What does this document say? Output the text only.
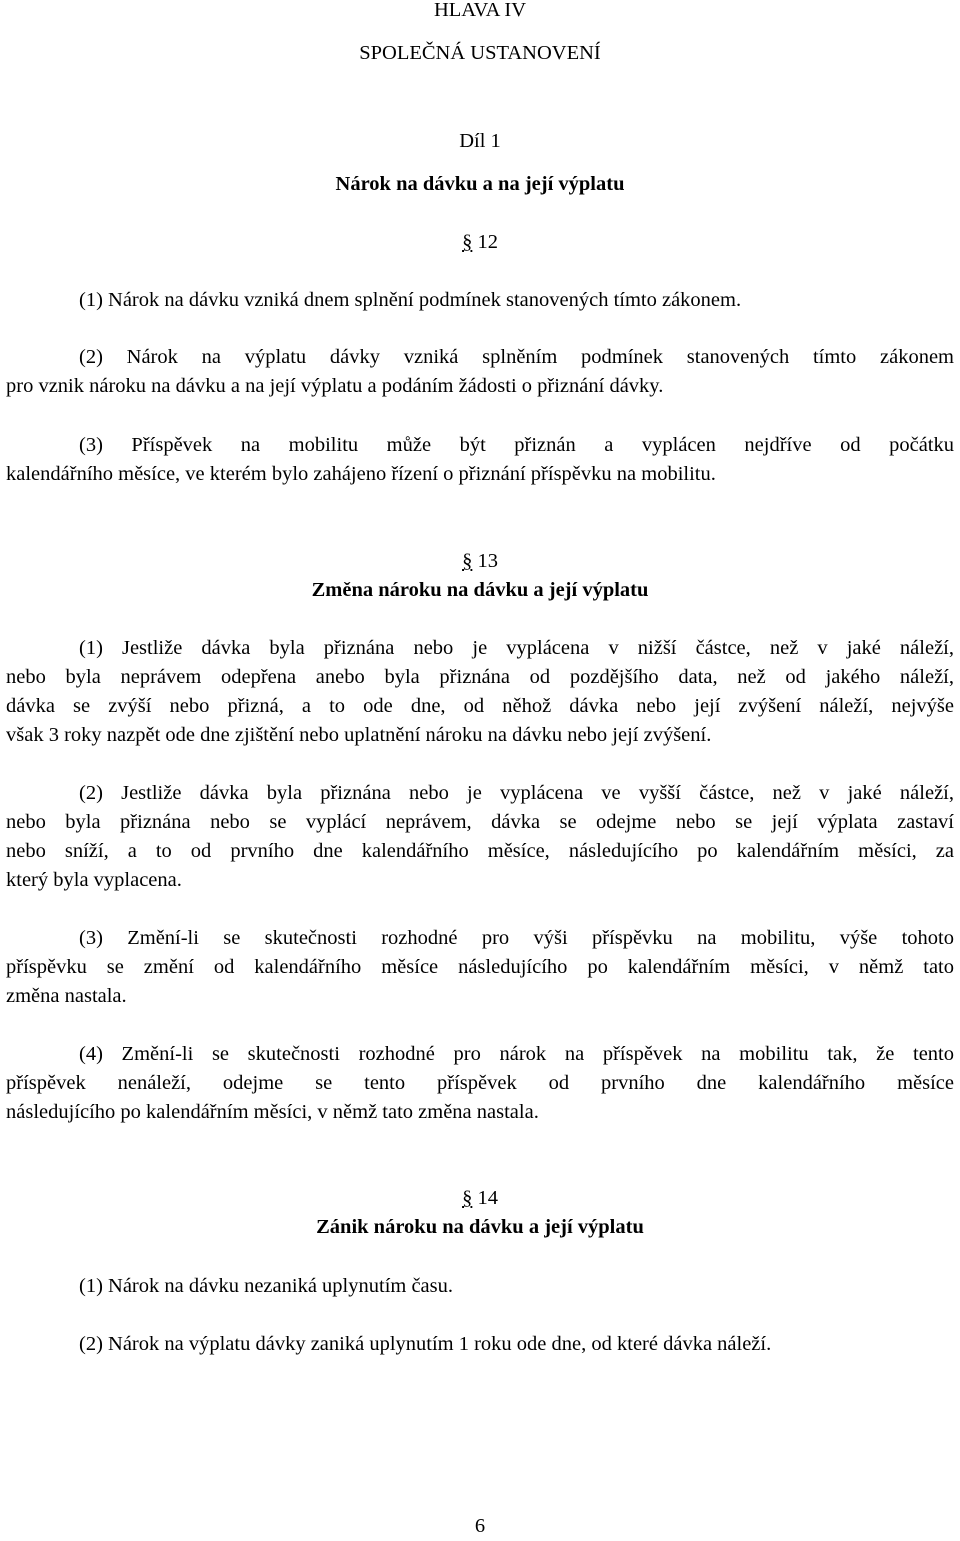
HLAVA IV
SPOLEČNÁ USTANOVENÍ
Díl 1
Nárok na dávku a na její výplatu
§ 12
(1) Nárok na dávku vzniká dnem splnění podmínek stanovených tímto zákonem.
(2) Nárok na výplatu dávky vzniká splněním podmínek stanovených tímto zákonem
pro vznik nároku na dávku a na její výplatu a podáním žádosti o přiznání dávky.
(3) Příspěvek na mobilitu může být přiznán a vyplácen nejdříve od počátku
kalendářního měsíce, ve kterém bylo zahájeno řízení o přiznání příspěvku na mobilitu.
§ 13
Změna nároku na dávku a její výplatu
(1) Jestliže dávka byla přiznána nebo je vyplácena v nižší částce, než v jaké náleží,
nebo byla neprávem odepřena anebo byla přiznána od pozdějšího data, než od jakého náleží,
dávka se zvýší nebo přizná, a to ode dne, od něhož dávka nebo její zvýšení náleží, nejvýše
však 3 roky nazpět ode dne zjištění nebo uplatnění nároku na dávku nebo její zvýšení.
(2) Jestliže dávka byla přiznána nebo je vyplácena ve vyšší částce, než v jaké náleží,
nebo byla přiznána nebo se vyplácí neprávem, dávka se odejme nebo se její výplata zastaví
nebo sníží, a to od prvního dne kalendářního měsíce, následujícího po kalendářním měsíci, za
který byla vyplacena.
(3) Změní-li se skutečnosti rozhodné pro výši příspěvku na mobilitu, výše tohoto
příspěvku se změní od kalendářního měsíce následujícího po kalendářním měsíci, v němž tato
změna nastala.
(4) Změní-li se skutečnosti rozhodné pro nárok na příspěvek na mobilitu tak, že tento
příspěvek nenáleží, odejme se tento příspěvek od prvního dne kalendářního měsíce
následujícího po kalendářním měsíci, v němž tato změna nastala.
§ 14
Zánik nároku na dávku a její výplatu
(1) Nárok na dávku nezaniká uplynutím času.
(2) Nárok na výplatu dávky zaniká uplynutím 1 roku ode dne, od které dávka náleží.
6
